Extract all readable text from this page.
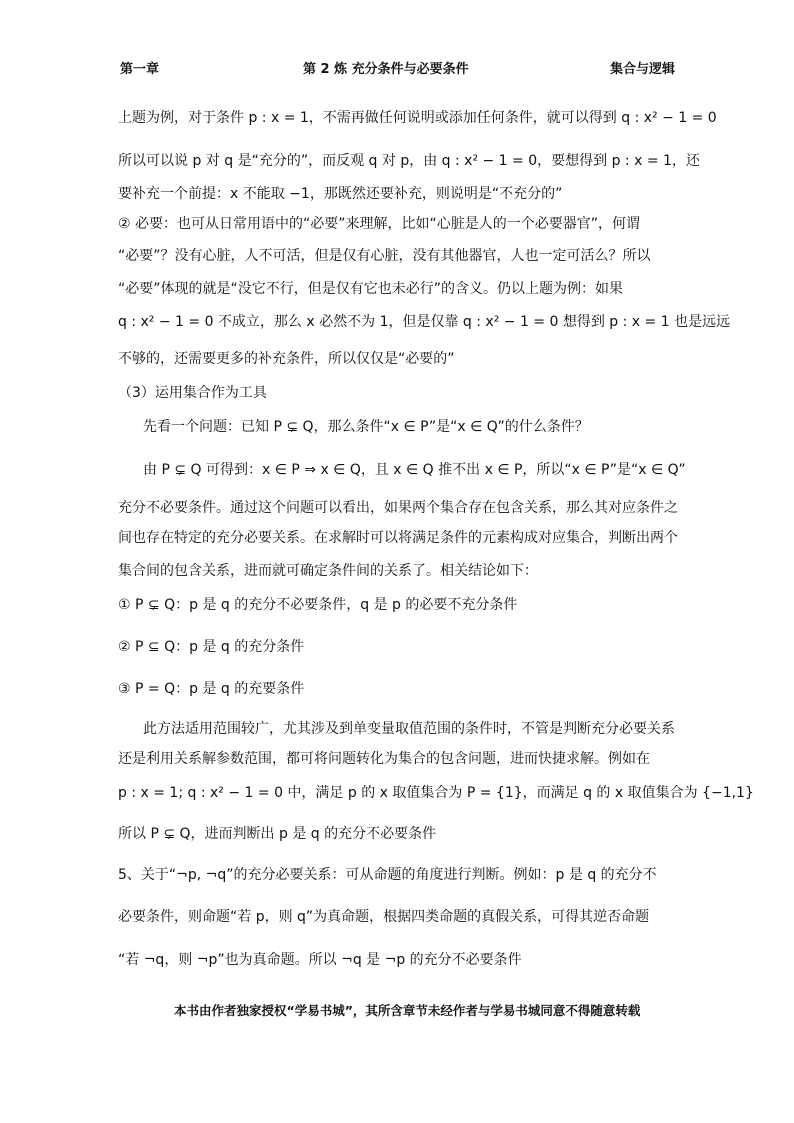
第一章	第 2 炼 充分条件与必要条件	集合与逻辑
上题为例，对于条件 p : x = 1，不需再做任何说明或添加任何条件，就可以得到 q : x² − 1 = 0
所以可以说 p 对 q 是“充分的”，而反观 q 对 p，由 q : x² − 1 = 0，要想得到 p : x = 1，还
要补充一个前提：x 不能取 −1，那既然还要补充，则说明是“不充分的”
② 必要：也可从日常用语中的“必要”来理解，比如“心脏是人的一个必要器官”，何谓
“必要”？没有心脏，人不可活，但是仅有心脏，没有其他器官，人也一定可活么？所以
“必要”体现的就是“没它不行，但是仅有它也未必行”的含义。仍以上题为例：如果
q : x² − 1 = 0 不成立，那么 x 必然不为 1，但是仅靠 q : x² − 1 = 0 想得到 p : x = 1 也是远远
不够的，还需要更多的补充条件，所以仅仅是“必要的”
（3）运用集合作为工具
先看一个问题：已知 P ⊊ Q，那么条件“x ∈ P”是“x ∈ Q”的什么条件？
由 P ⊊ Q 可得到：x ∈ P ⇒ x ∈ Q，且 x ∈ Q 推不出 x ∈ P，所以“x ∈ P”是“x ∈ Q”
充分不必要条件。通过这个问题可以看出，如果两个集合存在包含关系，那么其对应条件之
间也存在特定的充分必要关系。在求解时可以将满足条件的元素构成对应集合，判断出两个
集合间的包含关系，进而就可确定条件间的关系了。相关结论如下：
① P ⊊ Q：p 是 q 的充分不必要条件，q 是 p 的必要不充分条件
② P ⊆ Q：p 是 q 的充分条件
③ P = Q：p 是 q 的充要条件
此方法适用范围较广，尤其涉及到单变量取值范围的条件时，不管是判断充分必要关系
还是利用关系解参数范围，都可将问题转化为集合的包含问题，进而快捷求解。例如在
p : x = 1; q : x² − 1 = 0 中，满足 p 的 x 取值集合为 P = {1}，而满足 q 的 x 取值集合为 {−1,1}
所以 P ⊊ Q，进而判断出 p 是 q 的充分不必要条件
5、关于“¬p, ¬q”的充分必要关系：可从命题的角度进行判断。例如：p 是 q 的充分不
必要条件，则命题“若 p，则 q”为真命题，根据四类命题的真假关系，可得其逆否命题
“若 ¬q，则 ¬p”也为真命题。所以 ¬q 是 ¬p 的充分不必要条件
本书由作者独家授权“学易书城”，其所含章节未经作者与学易书城同意不得随意转载
